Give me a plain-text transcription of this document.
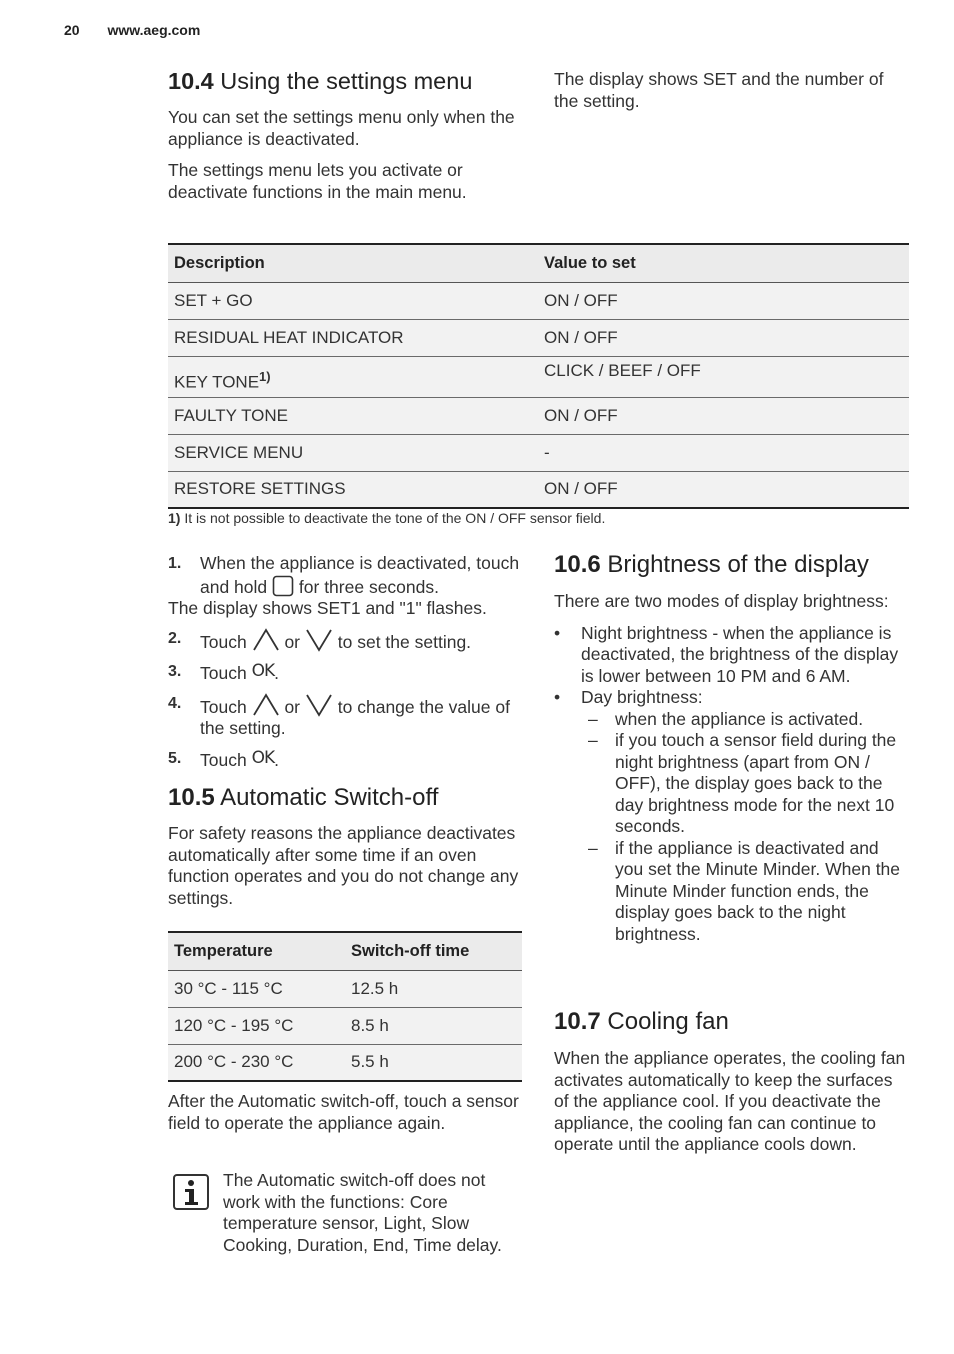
20 www.aeg.com
10.4 Using the settings menu

You can set the settings menu only when the appliance is deactivated.

The settings menu lets you activate or deactivate functions in the main menu.

The display shows SET and the number of the setting.

Description	Value to set
SET + GO	ON / OFF
RESIDUAL HEAT INDICATOR	ON / OFF
KEY TONE$^{1)}$	CLICK / BEEF / OFF
FAULTY TONE	ON / OFF
SERVICE MENU	-
RESTORE SETTINGS	ON / OFF
1) It is not possible to deactivate the tone of the ON / OFF sensor field.
1. When the appliance is deactivated, touch and hold for three seconds.

The display shows SET1 and "1" flashes.

2. Touch or to set the setting.
3. Touch OK.
4. Touch or to change the value of the setting.
5. Touch OK.
10.5 Automatic Switch-off

For safety reasons the appliance deactivates automatically after some time if an oven function operates and you do not change any settings.

Temperature	Switch-off time
30 °C - 115 °C	12.5 h
120 °C - 195 °C	8.5 h
200 °C - 230 °C	5.5 h

After the Automatic switch-off, touch a sensor field to operate the appliance again.

The Automatic switch-off does not work with the functions: Core temperature sensor, Light, Slow Cooking, Duration, End, Time delay.
10.6 Brightness of the display

There are two modes of display brightness:

• Night brightness - when the appliance is deactivated, the brightness of the display is lower between 10 PM and 6 AM.
• Day brightness:
– when the appliance is activated.
– if you touch a sensor field during the night brightness (apart from ON / OFF), the display goes back to the day brightness mode for the next 10 seconds.
– if the appliance is deactivated and you set the Minute Minder. When the Minute Minder function ends, the display goes back to the night brightness.
10.7 Cooling fan

When the appliance operates, the cooling fan activates automatically to keep the surfaces of the appliance cool. If you deactivate the appliance, the cooling fan can continue to operate until the appliance cools down.
